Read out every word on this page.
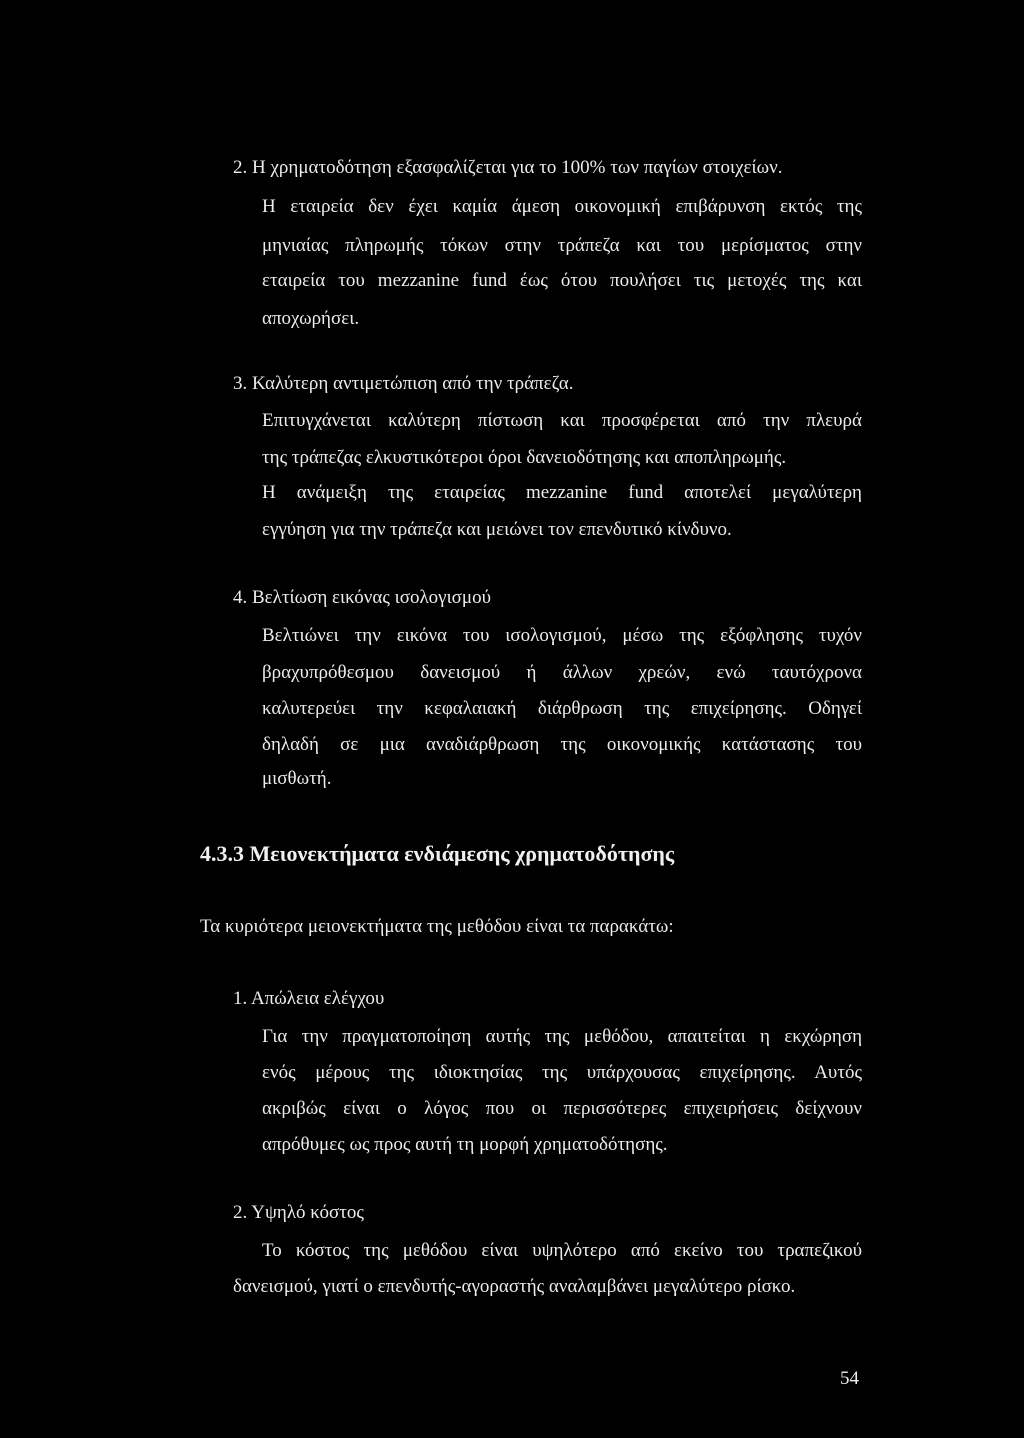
2. Η χρηματοδότηση εξασφαλίζεται για το 100% των παγίων στοιχείων.
Η εταιρεία δεν έχει καμία άμεση οικονομική επιβάρυνση εκτός της
μηνιαίας πληρωμής τόκων στην τράπεζα και του μερίσματος στην
εταιρεία του mezzanine fund έως ότου πουλήσει τις μετοχές της και
αποχωρήσει.
3. Καλύτερη αντιμετώπιση από την τράπεζα.
Επιτυγχάνεται καλύτερη πίστωση και προσφέρεται από την πλευρά
της τράπεζας ελκυστικότεροι όροι δανειοδότησης και αποπληρωμής.
Η ανάμειξη της εταιρείας mezzanine fund αποτελεί μεγαλύτερη
εγγύηση για την τράπεζα και μειώνει τον επενδυτικό κίνδυνο.
4. Βελτίωση εικόνας ισολογισμού
Βελτιώνει την εικόνα του ισολογισμού, μέσω της εξόφλησης τυχόν
βραχυπρόθεσμου δανεισμού ή άλλων χρεών, ενώ ταυτόχρονα
καλυτερεύει την κεφαλαιακή διάρθρωση της επιχείρησης. Οδηγεί
δηλαδή σε μια αναδιάρθρωση της οικονομικής κατάστασης του
μισθωτή.
4.3.3 Μειονεκτήματα ενδιάμεσης χρηματοδότησης
Τα κυριότερα μειονεκτήματα της μεθόδου είναι τα παρακάτω:
1. Απώλεια ελέγχου
Για την πραγματοποίηση αυτής της μεθόδου, απαιτείται η εκχώρηση
ενός μέρους της ιδιοκτησίας της υπάρχουσας επιχείρησης. Αυτός
ακριβώς είναι ο λόγος που οι περισσότερες επιχειρήσεις δείχνουν
απρόθυμες ως προς αυτή τη μορφή χρηματοδότησης.
2. Υψηλό κόστος
Το κόστος της μεθόδου είναι υψηλότερο από εκείνο του τραπεζικού
δανεισμού, γιατί ο επενδυτής-αγοραστής αναλαμβάνει μεγαλύτερο ρίσκο.
54
